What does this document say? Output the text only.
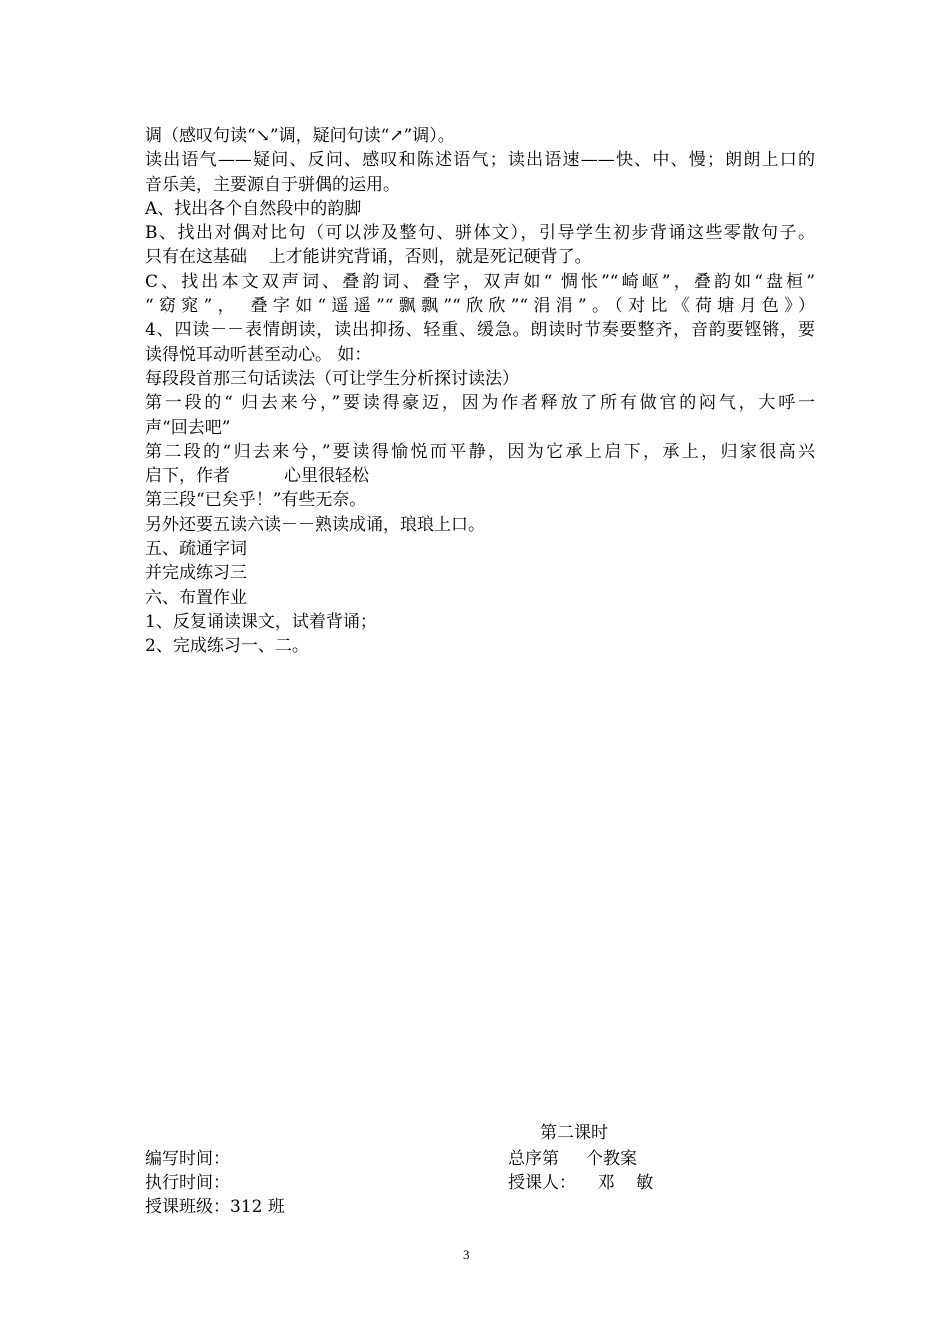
调（感叹句读“↘”调，疑问句读“↗”调）。
读出语气——疑问、反问、感叹和陈述语气；读出语速——快、中、慢；朗朗上口的
音乐美，主要源自于骈偶的运用。
A、找出各个自然段中的韵脚
B、找出对偶对比句（可以涉及整句、骈体文），引导学生初步背诵这些零散句子。
只有在这基础    上才能讲究背诵，否则，就是死记硬背了。
C、找出本文双声词、叠韵词、叠字，双声如“ 惆怅”“崎岖”，叠韵如“盘桓”
“窈窕”， 叠字如“遥遥”“飘飘”“欣欣”“涓涓”。（对比《荷塘月色》）
4、四读－－表情朗读，读出抑扬、轻重、缓急。朗读时节奏要整齐，音韵要铿锵，要
读得悦耳动听甚至动心。 如：
每段段首那三句话读法（可让学生分析探讨读法）
第一段的“ 归去来兮，”要读得豪迈，因为作者释放了所有做官的闷气，大呼一
声“回去吧”
第二段的“归去来兮，”要读得愉悦而平静，因为它承上启下，承上，归家很高兴
启下，作者          心里很轻松
第三段“已矣乎！”有些无奈。
另外还要五读六读－－熟读成诵，琅琅上口。
五、疏通字词
并完成练习三
六、布置作业
1、反复诵读课文，试着背诵；
2、完成练习一、二。
第二课时
编写时间：	总序第     个教案
执行时间：	授课人：    邓    敏
授课班级：312 班
3
